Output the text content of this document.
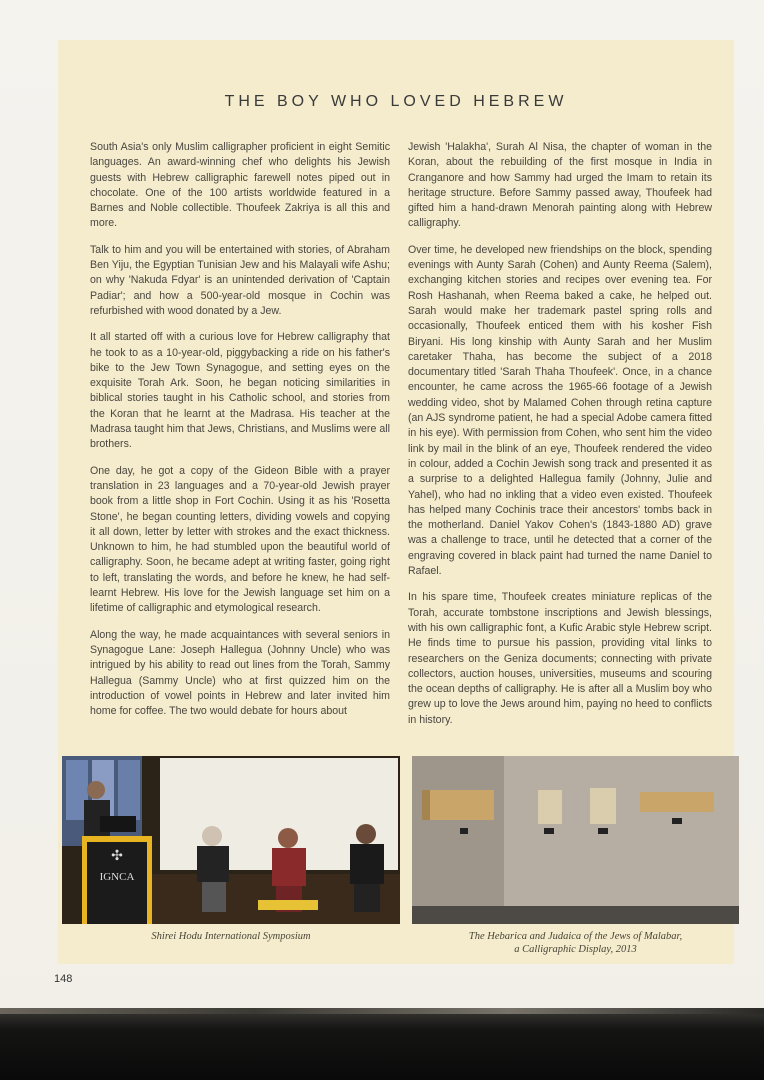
THE BOY WHO LOVED HEBREW

South Asia's only Muslim calligrapher proficient in eight Semitic languages. An award-winning chef who delights his Jewish guests with Hebrew calligraphic farewell notes piped out in chocolate. One of the 100 artists worldwide featured in a Barnes and Noble collectible. Thoufeek Zakriya is all this and more.

Talk to him and you will be entertained with stories, of Abraham Ben Yiju, the Egyptian Tunisian Jew and his Malayali wife Ashu; on why 'Nakuda Fdyar' is an unintended derivation of 'Captain Padiar'; and how a 500-year-old mosque in Cochin was refurbished with wood donated by a Jew.

It all started off with a curious love for Hebrew calligraphy that he took to as a 10-year-old, piggybacking a ride on his father's bike to the Jew Town Synagogue, and setting eyes on the exquisite Torah Ark. Soon, he began noticing similarities in biblical stories taught in his Catholic school, and stories from the Koran that he learnt at the Madrasa. His teacher at the Madrasa taught him that Jews, Christians, and Muslims were all brothers.

One day, he got a copy of the Gideon Bible with a prayer translation in 23 languages and a 70-year-old Jewish prayer book from a little shop in Fort Cochin. Using it as his 'Rosetta Stone', he began counting letters, dividing vowels and copying it all down, letter by letter with strokes and the exact thickness. Unknown to him, he had stumbled upon the beautiful world of calligraphy. Soon, he became adept at writing faster, going right to left, translating the words, and before he knew, he had self-learnt Hebrew. His love for the Jewish language set him on a lifetime of calligraphic and etymological research.

Along the way, he made acquaintances with several seniors in Synagogue Lane: Joseph Hallegua (Johnny Uncle) who was intrigued by his ability to read out lines from the Torah, Sammy Hallegua (Sammy Uncle) who at first quizzed him on the introduction of vowel points in Hebrew and later invited him home for coffee. The two would debate for hours about

Jewish 'Halakha', Surah Al Nisa, the chapter of woman in the Koran, about the rebuilding of the first mosque in India in Cranganore and how Sammy had urged the Imam to retain its heritage structure. Before Sammy passed away, Thoufeek had gifted him a hand-drawn Menorah painting along with Hebrew calligraphy.

Over time, he developed new friendships on the block, spending evenings with Aunty Sarah (Cohen) and Aunty Reema (Salem), exchanging kitchen stories and recipes over evening tea. For Rosh Hashanah, when Reema baked a cake, he helped out. Sarah would make her trademark pastel spring rolls and occasionally, Thoufeek enticed them with his kosher Fish Biryani. His long kinship with Aunty Sarah and her Muslim caretaker Thaha, has become the subject of a 2018 documentary titled 'Sarah Thaha Thoufeek'. Once, in a chance encounter, he came across the 1965-66 footage of a Jewish wedding video, shot by Malamed Cohen through retina capture (an AJS syndrome patient, he had a special Adobe camera fitted in his eye). With permission from Cohen, who sent him the video link by mail in the blink of an eye, Thoufeek rendered the video in colour, added a Cochin Jewish song track and presented it as a surprise to a delighted Hallegua family (Johnny, Julie and Yahel), who had no inkling that a video even existed. Thoufeek has helped many Cochinis trace their ancestors' tombs back in the motherland. Daniel Yakov Cohen's (1843-1880 AD) grave was a challenge to trace, until he detected that a corner of the engraving covered in black paint had turned the name Daniel to Rafael.

In his spare time, Thoufeek creates miniature replicas of the Torah, accurate tombstone inscriptions and Jewish blessings, with his own calligraphic font, a Kufic Arabic style Hebrew script. He finds time to pursue his passion, providing vital links to researchers on the Geniza documents; connecting with private collectors, auction houses, universities, museums and scouring the ocean depths of calligraphy. He is after all a Muslim boy who grew up to love the Jews around him, paying no heed to conflicts in history.

✣
IGNCA
Shirei Hodu International Symposium	The Hebarica and Judaica of the Jews of Malabar,
a Calligraphic Display, 2013
148
